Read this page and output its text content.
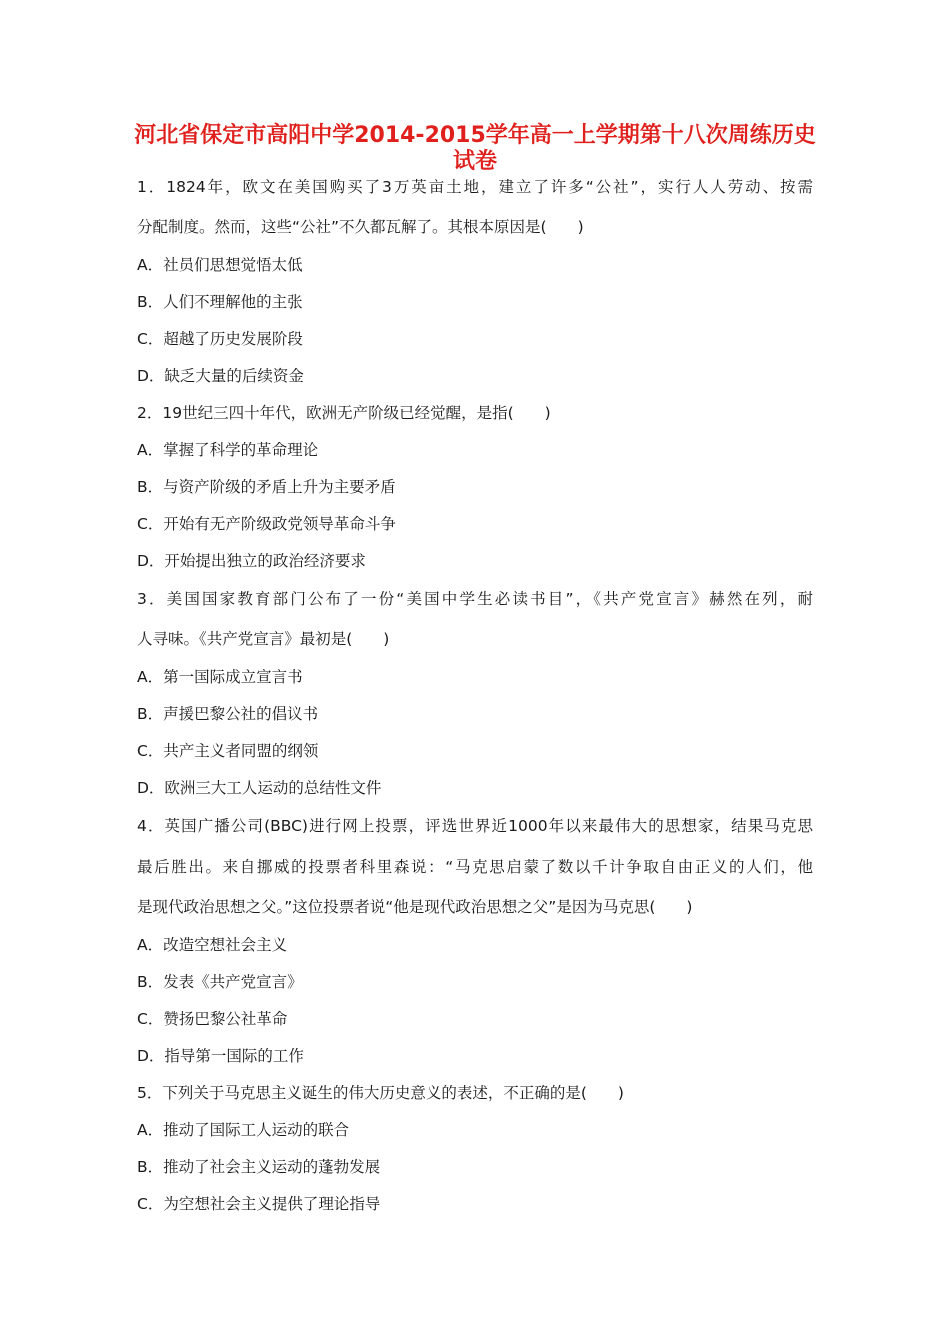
河北省保定市高阳中学2014-2015学年高一上学期第十八次周练历史
试卷
1．1824年，欧文在美国购买了3万英亩土地，建立了许多“公社”，实行人人劳动、按需
分配制度。然而，这些“公社”不久都瓦解了。其根本原因是(　　)
A．社员们思想觉悟太低
B．人们不理解他的主张
C．超越了历史发展阶段
D．缺乏大量的后续资金
2．19世纪三四十年代，欧洲无产阶级已经觉醒，是指(　　)
A．掌握了科学的革命理论
B．与资产阶级的矛盾上升为主要矛盾
C．开始有无产阶级政党领导革命斗争
D．开始提出独立的政治经济要求
3．美国国家教育部门公布了一份“美国中学生必读书目”，《共产党宣言》赫然在列，耐
人寻味。《共产党宣言》最初是(　　)
A．第一国际成立宣言书
B．声援巴黎公社的倡议书
C．共产主义者同盟的纲领
D．欧洲三大工人运动的总结性文件
4．英国广播公司(BBC)进行网上投票，评选世界近1000年以来最伟大的思想家，结果马克思
最后胜出。来自挪威的投票者科里森说：“马克思启蒙了数以千计争取自由正义的人们，他
是现代政治思想之父。”这位投票者说“他是现代政治思想之父”是因为马克思(　　)
A．改造空想社会主义
B．发表《共产党宣言》
C．赞扬巴黎公社革命
D．指导第一国际的工作
5．下列关于马克思主义诞生的伟大历史意义的表述，不正确的是(　　)
A．推动了国际工人运动的联合
B．推动了社会主义运动的蓬勃发展
C．为空想社会主义提供了理论指导
